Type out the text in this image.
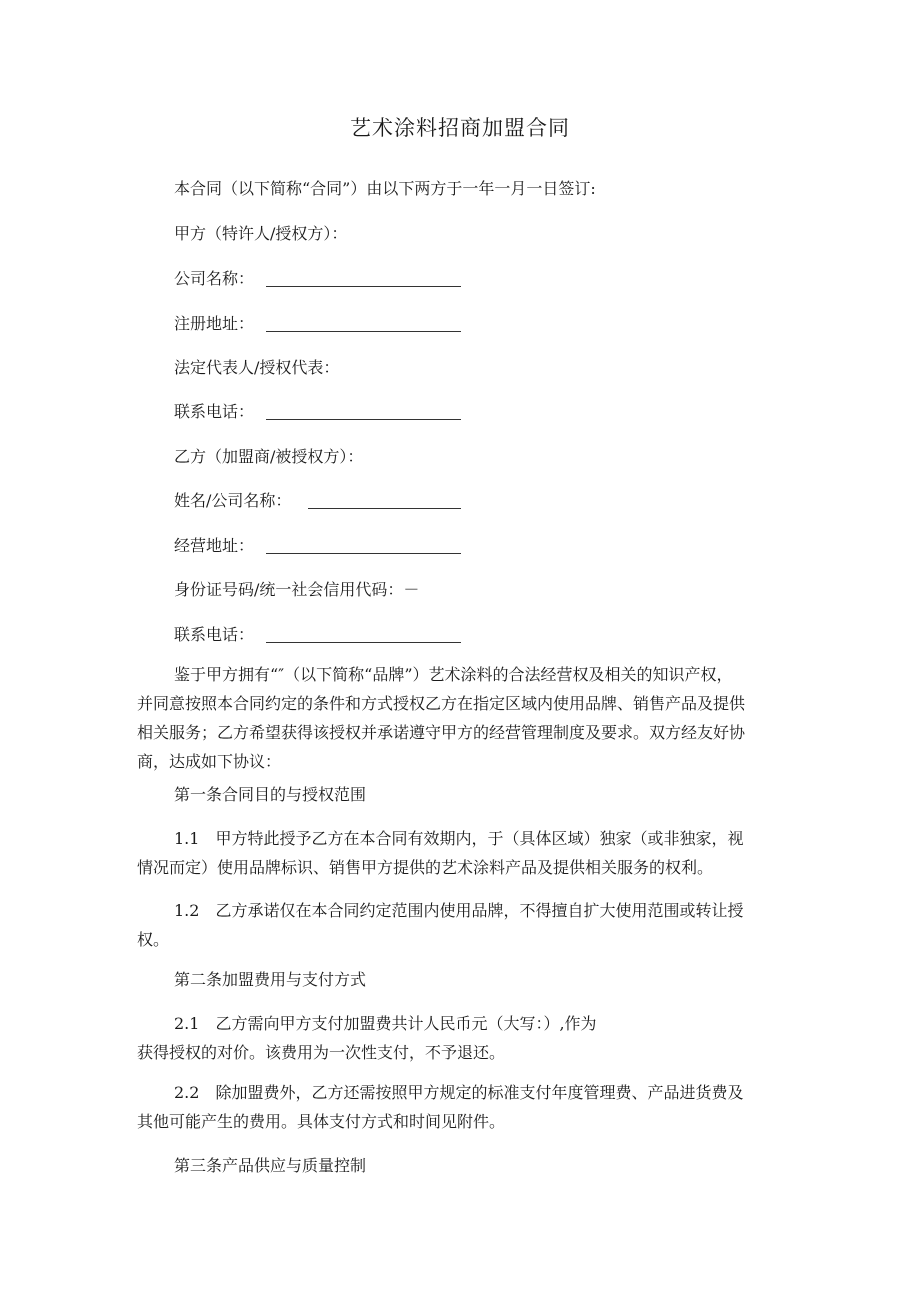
艺术涂料招商加盟合同
本合同（以下简称“合同”）由以下两方于一年一月一日签订:
甲方（特许人/授权方）：
公司名称：
注册地址：
法定代表人/授权代表：
联系电话：
乙方（加盟商/被授权方）：
姓名/公司名称：
经营地址：
身份证号码/统一社会信用代码：－
联系电话：
鉴于甲方拥有“″（以下简称“品牌”）艺术涂料的合法经营权及相关的知识产权，
并同意按照本合同约定的条件和方式授权乙方在指定区域内使用品牌、销售产品及提供
相关服务；乙方希望获得该授权并承诺遵守甲方的经营管理制度及要求。双方经友好协
商，达成如下协议：
第一条合同目的与授权范围
1.1　甲方特此授予乙方在本合同有效期内，于（具体区域）独家（或非独家，视
情况而定）使用品牌标识、销售甲方提供的艺术涂料产品及提供相关服务的权利。
1.2　乙方承诺仅在本合同约定范围内使用品牌，不得擅自扩大使用范围或转让授
权。
第二条加盟费用与支付方式
2.1　乙方需向甲方支付加盟费共计人民币元（大写：）,作为
获得授权的对价。该费用为一次性支付，不予退还。
2.2　除加盟费外，乙方还需按照甲方规定的标准支付年度管理费、产品进货费及
其他可能产生的费用。具体支付方式和时间见附件。
第三条产品供应与质量控制
